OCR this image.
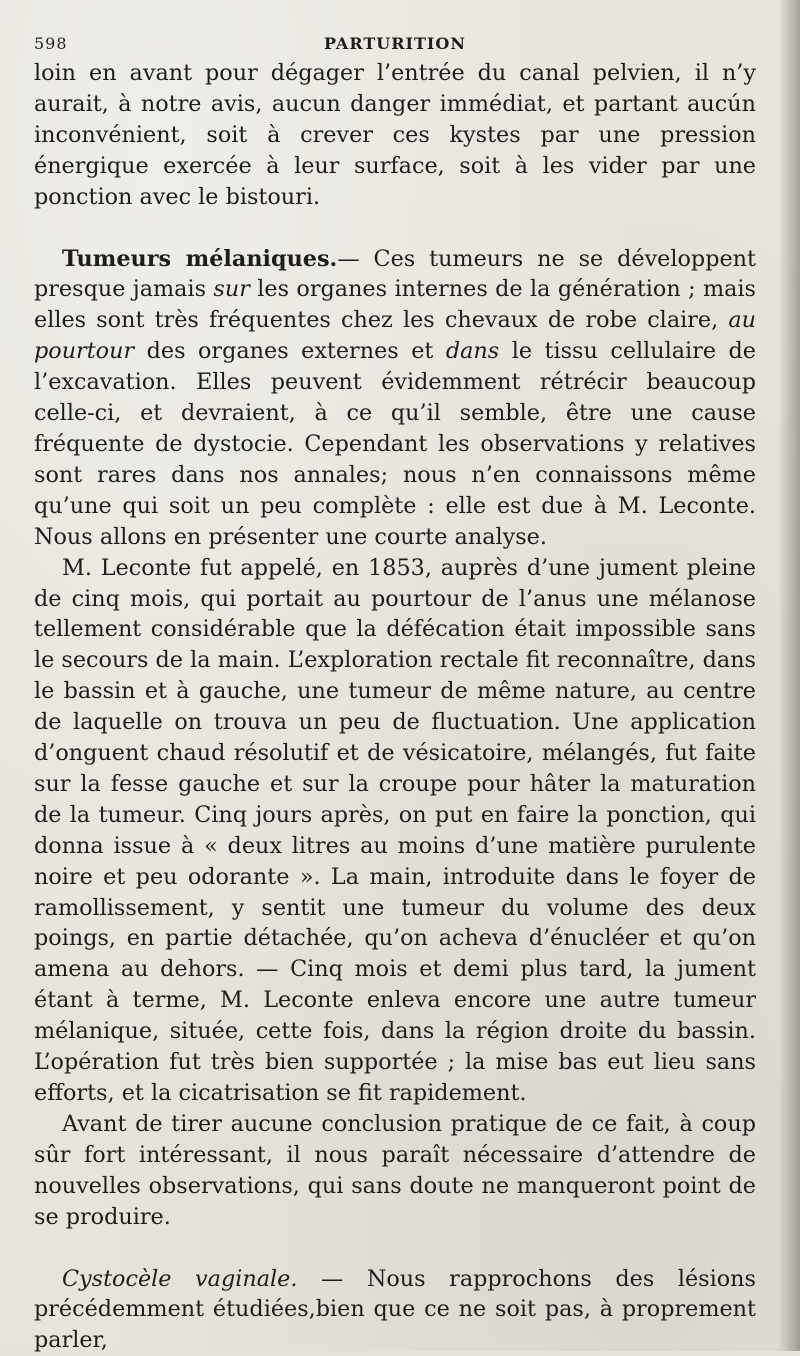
598	PARTURITION

loin en avant pour dégager l’entrée du canal pelvien, il n’y aurait, à notre avis, aucun danger immédiat, et partant aucún inconvénient, soit à crever ces kystes par une pression énergique exercée à leur surface, soit à les vider par une ponction avec le bistouri.

Tumeurs mélaniques.— Ces tumeurs ne se développent presque jamais sur les organes internes de la génération ; mais elles sont très fréquentes chez les chevaux de robe claire, au pourtour des organes externes et dans le tissu cellulaire de l’excavation. Elles peuvent évidemment rétrécir beaucoup celle-ci, et devraient, à ce qu’il semble, être une cause fréquente de dystocie. Cependant les observations y relatives sont rares dans nos annales; nous n’en connaissons même qu’une qui soit un peu complète : elle est due à M. Leconte. Nous allons en présenter une courte analyse.

M. Leconte fut appelé, en 1853, auprès d’une jument pleine de cinq mois, qui portait au pourtour de l’anus une mélanose tellement considérable que la défécation était impossible sans le secours de la main. L’exploration rectale fit reconnaître, dans le bassin et à gauche, une tumeur de même nature, au centre de laquelle on trouva un peu de fluctuation. Une application d’onguent chaud résolutif et de vésicatoire, mélangés, fut faite sur la fesse gauche et sur la croupe pour hâter la maturation de la tumeur. Cinq jours après, on put en faire la ponction, qui donna issue à « deux litres au moins d’une matière purulente noire et peu odorante ». La main, introduite dans le foyer de ramollissement, y sentit une tumeur du volume des deux poings, en partie détachée, qu’on acheva d’énucléer et qu’on amena au dehors. — Cinq mois et demi plus tard, la jument étant à terme, M. Leconte enleva encore une autre tumeur mélanique, située, cette fois, dans la région droite du bassin. L’opération fut très bien supportée ; la mise bas eut lieu sans efforts, et la cicatrisation se fit rapidement.

Avant de tirer aucune conclusion pratique de ce fait, à coup sûr fort intéressant, il nous paraît nécessaire d’attendre de nouvelles observations, qui sans doute ne manqueront point de se produire.

Cystocèle vaginale. — Nous rapprochons des lésions précédemment étudiées,bien que ce ne soit pas, à proprement parler,
